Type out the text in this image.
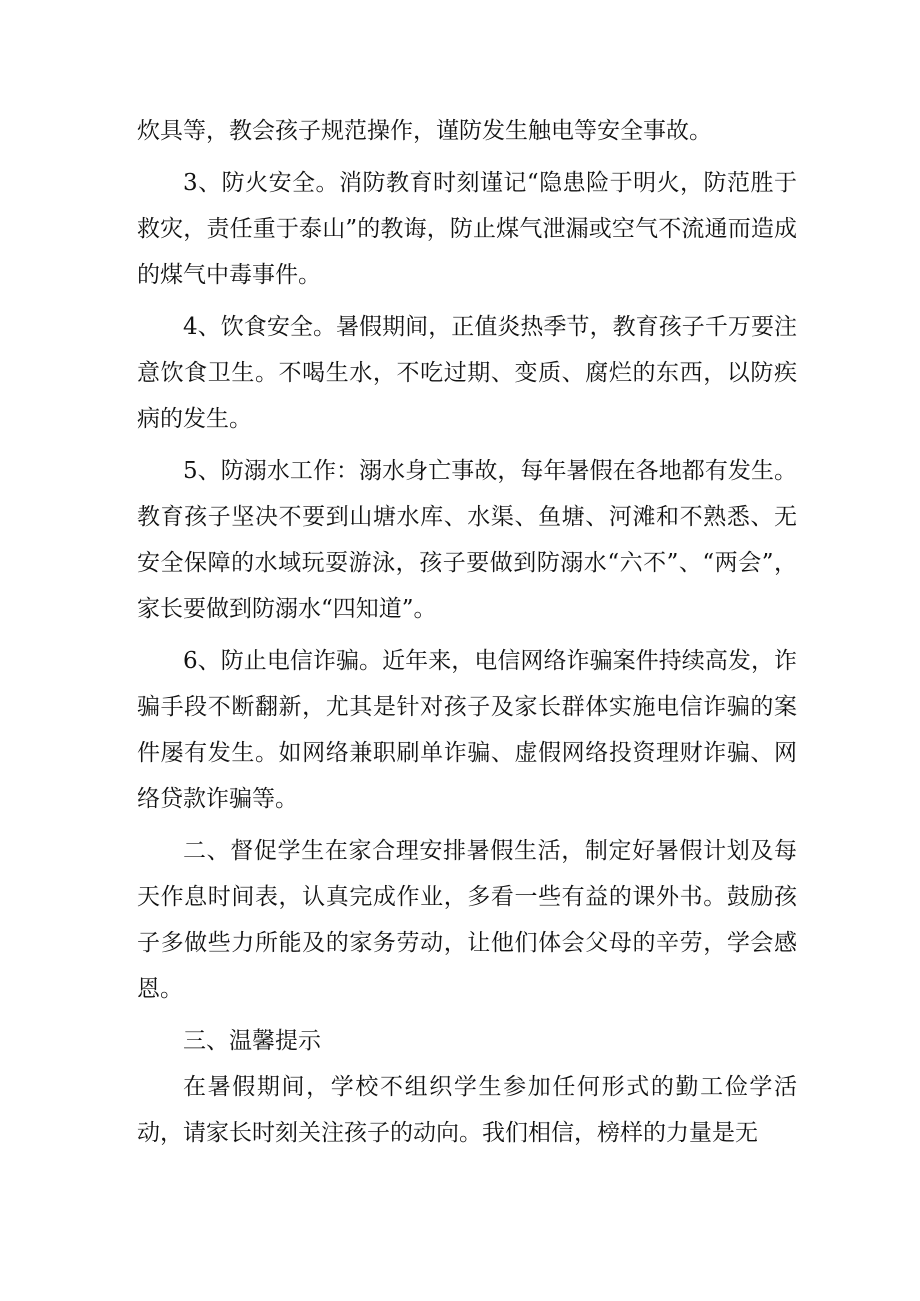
炊具等，教会孩子规范操作，谨防发生触电等安全事故。

3、防火安全。消防教育时刻谨记“隐患险于明火，防范胜于救灾，责任重于泰山”的教诲，防止煤气泄漏或空气不流通而造成的煤气中毒事件。

4、饮食安全。暑假期间，正值炎热季节，教育孩子千万要注意饮食卫生。不喝生水，不吃过期、变质、腐烂的东西，以防疾病的发生。

5、防溺水工作：溺水身亡事故，每年暑假在各地都有发生。教育孩子坚决不要到山塘水库、水渠、鱼塘、河滩和不熟悉、无安全保障的水域玩耍游泳，孩子要做到防溺水“六不”、“两会”，家长要做到防溺水“四知道”。

6、防止电信诈骗。近年来，电信网络诈骗案件持续高发，诈骗手段不断翻新，尤其是针对孩子及家长群体实施电信诈骗的案件屡有发生。如网络兼职刷单诈骗、虚假网络投资理财诈骗、网络贷款诈骗等。

二、督促学生在家合理安排暑假生活，制定好暑假计划及每天作息时间表，认真完成作业，多看一些有益的课外书。鼓励孩子多做些力所能及的家务劳动，让他们体会父母的辛劳，学会感恩。

三、温馨提示

在暑假期间，学校不组织学生参加任何形式的勤工俭学活动，请家长时刻关注孩子的动向。我们相信，榜样的力量是无
